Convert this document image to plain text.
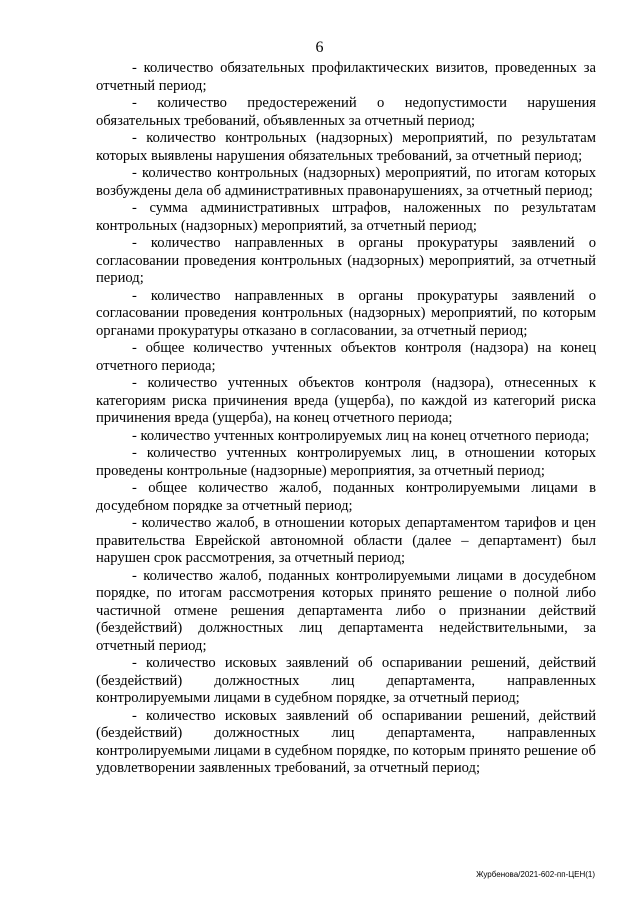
6

- количество обязательных профилактических визитов, проведенных за отчетный период;

- количество предостережений о недопустимости нарушения обязательных требований, объявленных за отчетный период;

- количество контрольных (надзорных) мероприятий, по результатам которых выявлены нарушения обязательных требований, за отчетный период;

- количество контрольных (надзорных) мероприятий, по итогам которых возбуждены дела об административных правонарушениях, за отчетный период;

- сумма административных штрафов, наложенных по результатам контрольных (надзорных) мероприятий, за отчетный период;

- количество направленных в органы прокуратуры заявлений о согласовании проведения контрольных (надзорных) мероприятий, за отчетный период;

- количество направленных в органы прокуратуры заявлений о согласовании проведения контрольных (надзорных) мероприятий, по которым органами прокуратуры отказано в согласовании, за отчетный период;

- общее количество учтенных объектов контроля (надзора) на конец отчетного периода;

- количество учтенных объектов контроля (надзора), отнесенных к категориям риска причинения вреда (ущерба), по каждой из категорий риска причинения вреда (ущерба), на конец отчетного периода;

- количество учтенных контролируемых лиц на конец отчетного периода;

- количество учтенных контролируемых лиц, в отношении которых проведены контрольные (надзорные) мероприятия, за отчетный период;

- общее количество жалоб, поданных контролируемыми лицами в досудебном порядке за отчетный период;

- количество жалоб, в отношении которых департаментом тарифов и цен правительства Еврейской автономной области (далее – департамент) был нарушен срок рассмотрения, за отчетный период;

- количество жалоб, поданных контролируемыми лицами в досудебном порядке, по итогам рассмотрения которых принято решение о полной либо частичной отмене решения департамента либо о признании действий (бездействий) должностных лиц департамента недействительными, за отчетный период;

- количество исковых заявлений об оспаривании решений, действий (бездействий) должностных лиц департамента, направленных контролируемыми лицами в судебном порядке, за отчетный период;

- количество исковых заявлений об оспаривании решений, действий (бездействий) должностных лиц департамента, направленных контролируемыми лицами в судебном порядке, по которым принято решение об удовлетворении заявленных требований, за отчетный период;

Журбенова/2021-602-пп-ЦЕН(1)
